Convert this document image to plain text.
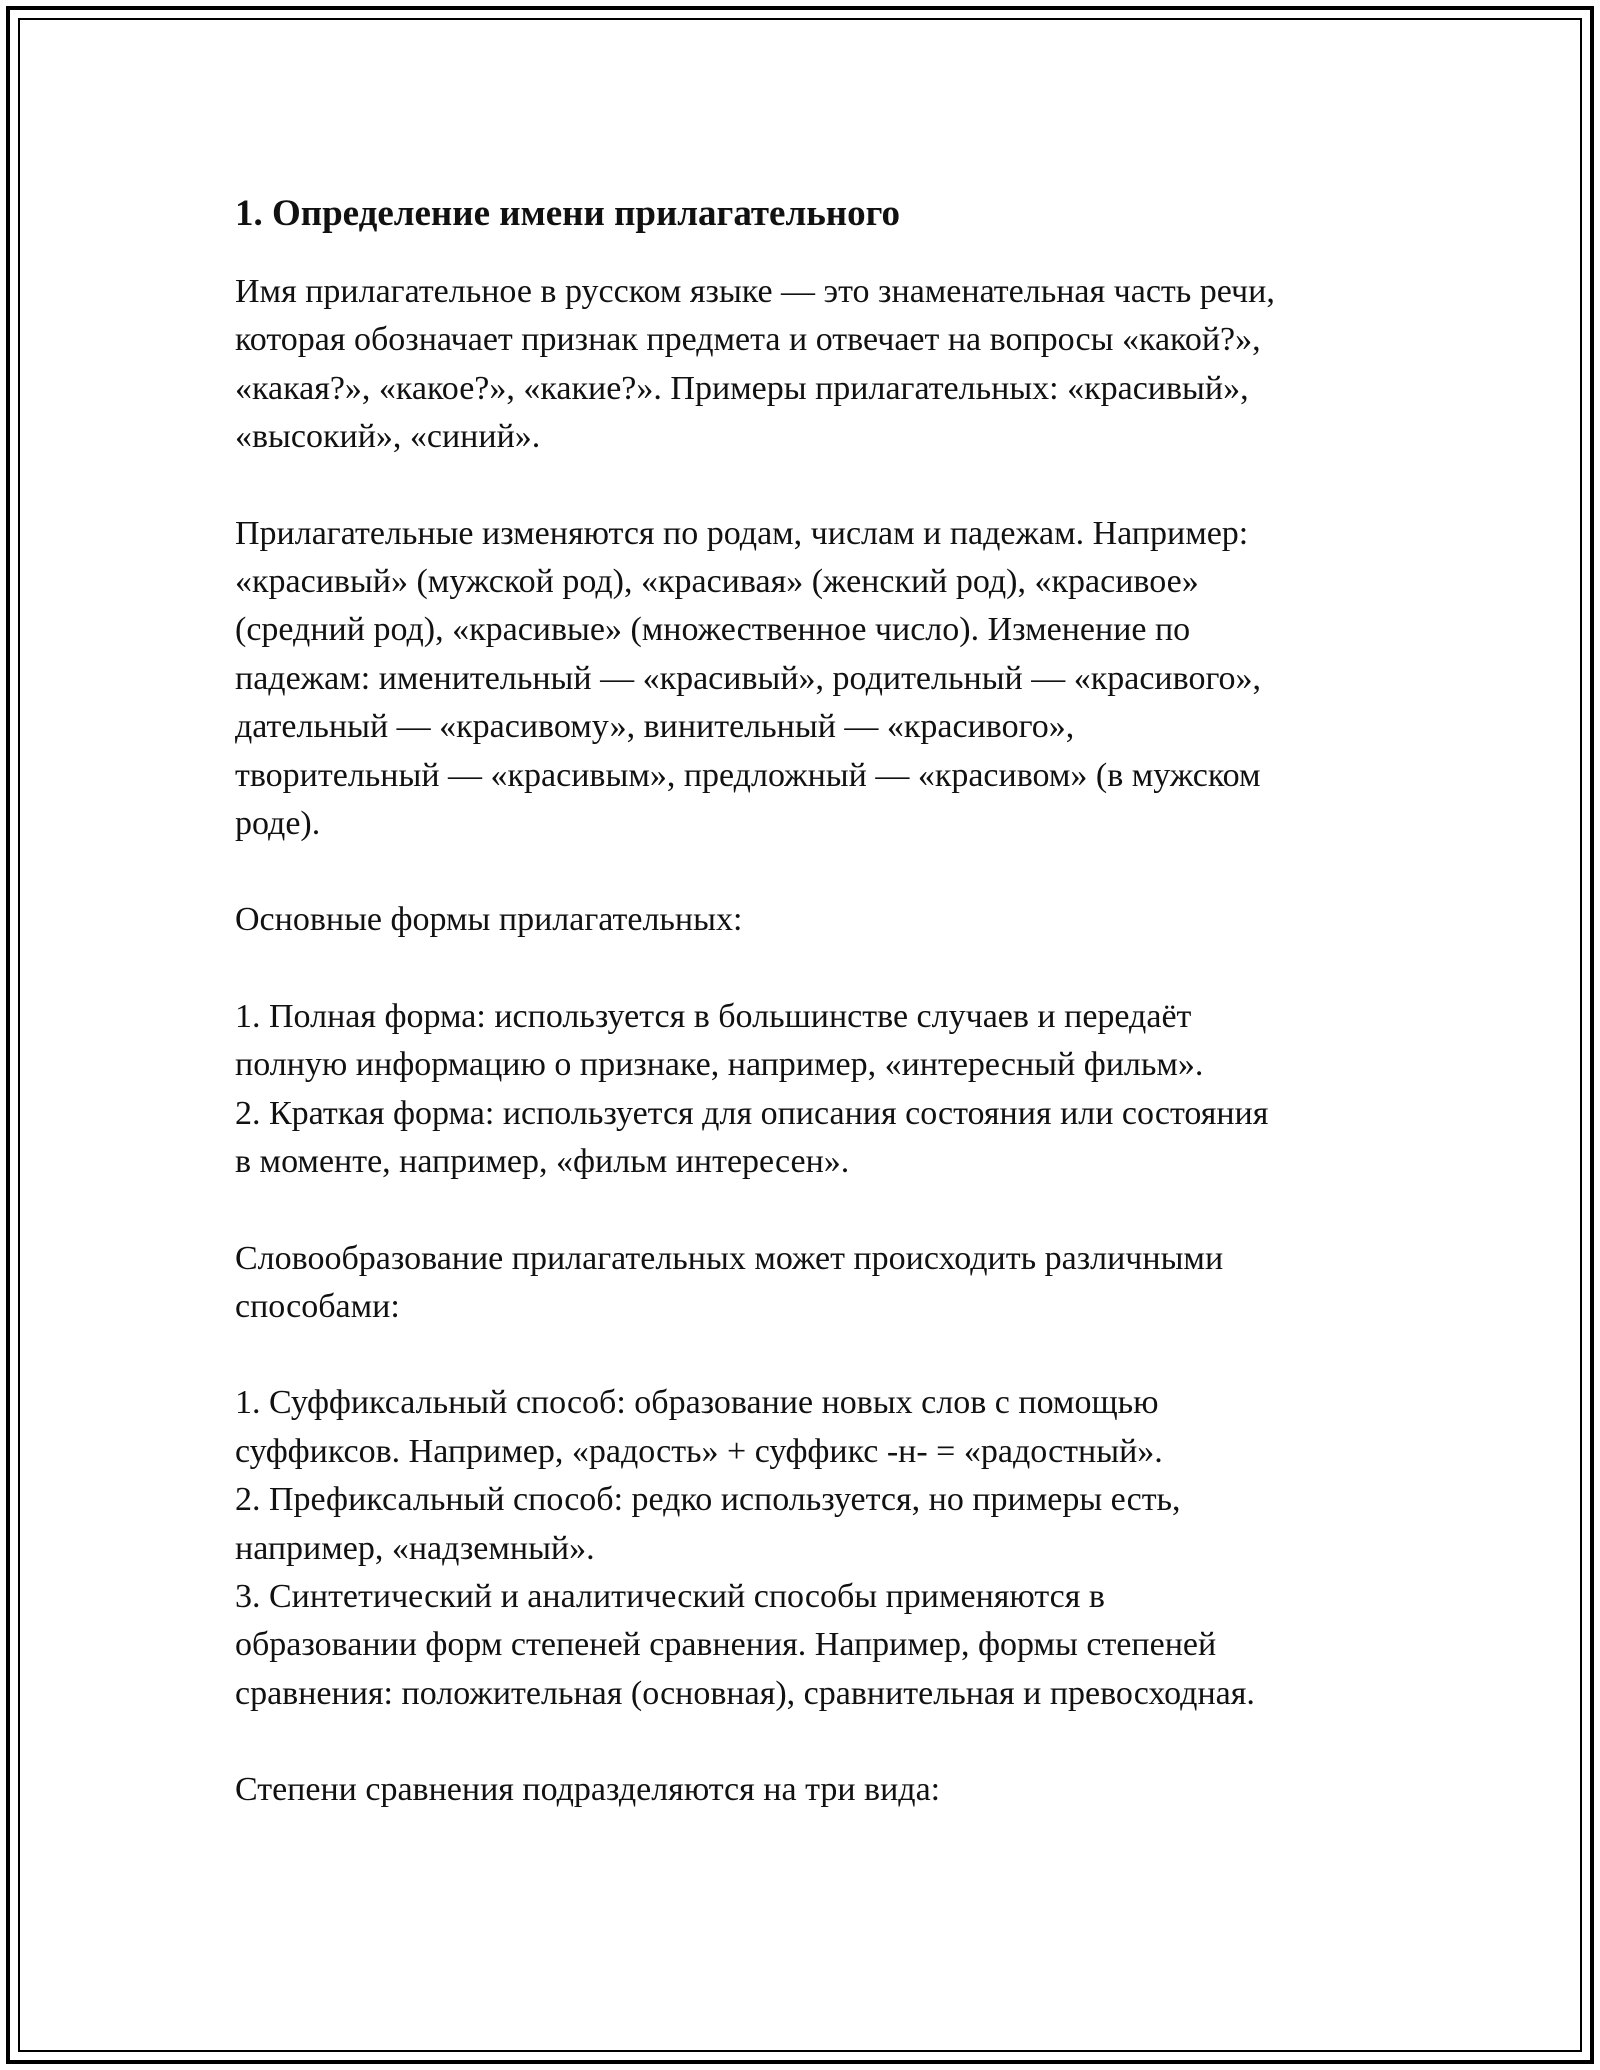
1. Определение имени прилагательного

Имя прилагательное в русском языке — это знаменательная часть речи,
которая обозначает признак предмета и отвечает на вопросы «какой?»,
«какая?», «какое?», «какие?». Примеры прилагательных: «красивый»,
«высокий», «синий».

Прилагательные изменяются по родам, числам и падежам. Например:
«красивый» (мужской род), «красивая» (женский род), «красивое»
(средний род), «красивые» (множественное число). Изменение по
падежам: именительный — «красивый», родительный — «красивого»,
дательный — «красивому», винительный — «красивого»,
творительный — «красивым», предложный — «красивом» (в мужском
роде).

Основные формы прилагательных:

1. Полная форма: используется в большинстве случаев и передаёт
полную информацию о признаке, например, «интересный фильм».

2. Краткая форма: используется для описания состояния или состояния
в моменте, например, «фильм интересен».

Словообразование прилагательных может происходить различными
способами:

1. Суффиксальный способ: образование новых слов с помощью
суффиксов. Например, «радость» + суффикс -н- = «радостный».

2. Префиксальный способ: редко используется, но примеры есть,
например, «надземный».

3. Синтетический и аналитический способы применяются в
образовании форм степеней сравнения. Например, формы степеней
сравнения: положительная (основная), сравнительная и превосходная.

Степени сравнения подразделяются на три вида:
